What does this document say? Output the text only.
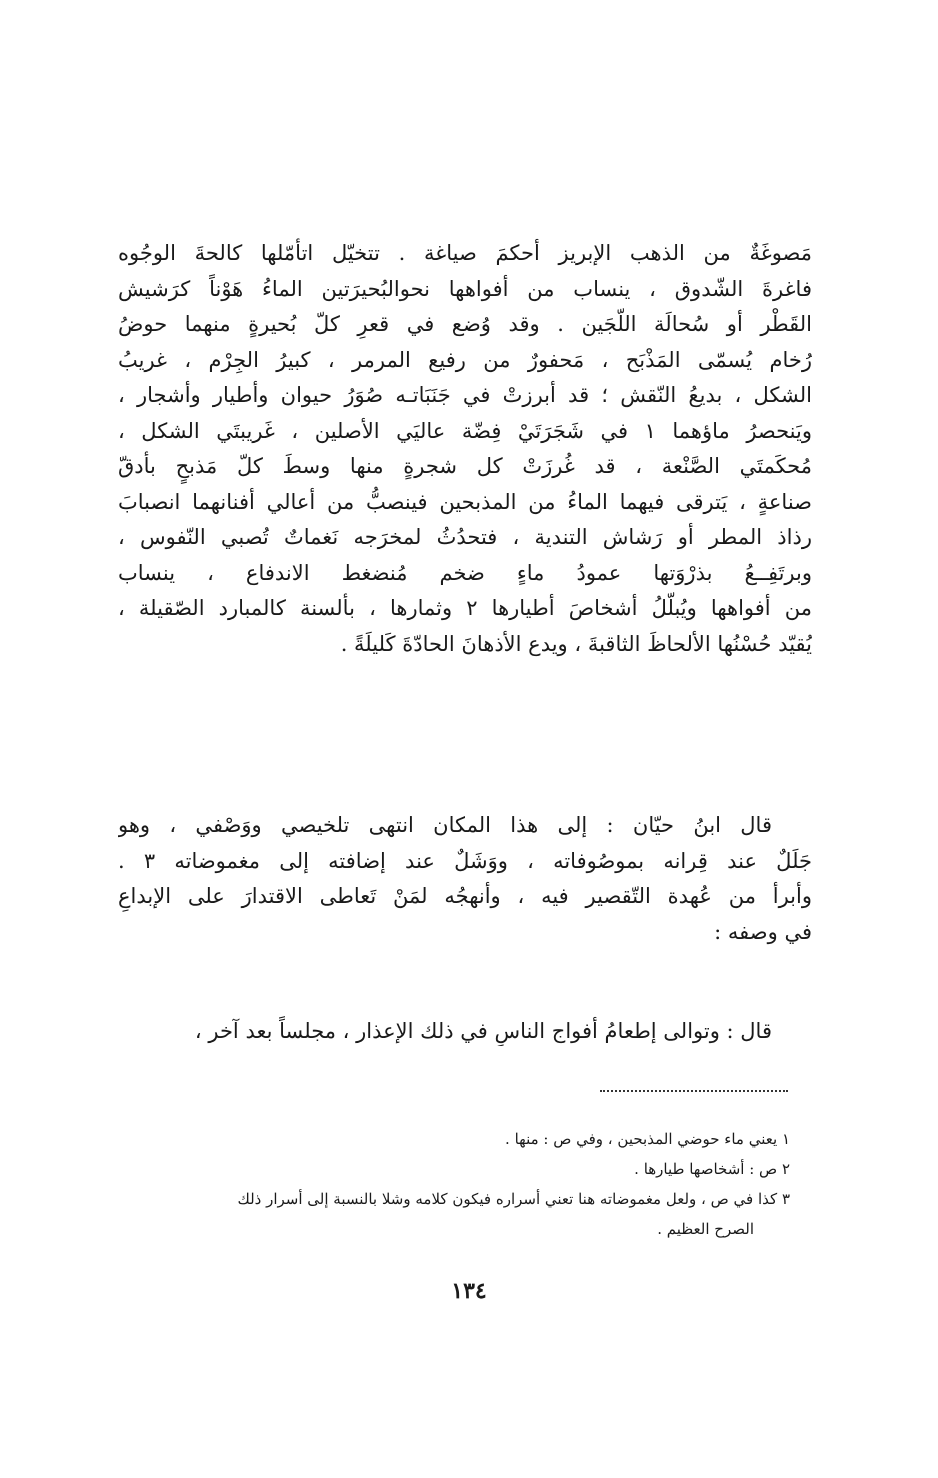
مَصوغَةٌ من الذهب الإبريز أحكمَ صياغة . تتخيّل اتأمّلها كالحةَ الوجُوه
فاغرةَ الشّدوق ، ينساب من أفواهها نحوالبُحيرَتين الماءُ هَوْناً كرَشيش
القَطْر أو سُحالَة اللّجَين . وقد وُضع في قعرِ كلّ بُحيرةٍ منهما حوضُ
رُخام يُسمّى المَذْبَح ، مَحفورٌ من رفيع المرمر ، كبيرُ الجِرْم ، غريبُ
الشكل ، بديعُ النّقش ؛ قد أبرزتْ في جَنَبَاتـه صُوَرُ حيوان وأطيار وأشجار ،
ويَنحصرُ ماؤهما ١ في شَجَرَتَيْ فِضّة عاليَي الأصلين ، غَريبتَي الشكل ،
مُحكَمتَي الصَّنْعة ، قد غُرزَتْ كل شجرةٍ منها وسطَ كلّ مَذبحٍ بأدقّ
صناعةٍ ، يَترقى فيهما الماءُ من المذبحين فينصبُّ من أعالي أفنانهما انصبابَ
رذاذ المطر أو رَشاش التندية ، فتحدُثُ لمخرَجه نَغماتٌ تُصبي النّفوس ،
وبرتَفِــعُ بذرْوَتها عمودُ ماءٍ ضخم مُنضغط الاندفاع ، ينساب
من أفواهها ويُبلّلُ أشخاصَ أطيارها ٢ وثمارها ، بألسنة كالمبارد الصّقيلة ،
يُقيّد حُسْنُها الألحاظَ الثاقبةَ ، ويدع الأذهانَ الحادّةَ كَليلَةً .
قال ابنُ حيّان : إلى هذا المكان انتهى تلخيصي ووَصْفي ، وهو
جَلَلٌ عند قِرانه بموصُوفاته ، ووَشَلٌ عند إضافته إلى مغموضاته ٣ .
وأبرأ من عُهدة التّقصير فيه ، وأنهجُه لمَنْ تَعاطى الاقتدارَ على الإبداعِ
في وصفه :
قال : وتوالى إطعامُ أفواج الناسِ في ذلك الإعذار ، مجلساً بعد آخر ،
١ يعني ماء حوضي المذبحين ، وفي ص : منها .
٢ ص : أشخاصها طيارها .
٣ كذا في ص ، ولعل مغموضاته هنا تعني أسراره فيكون كلامه وشلا بالنسبة إلى أسرار ذلك
الصرح العظيم .
١٣٤
